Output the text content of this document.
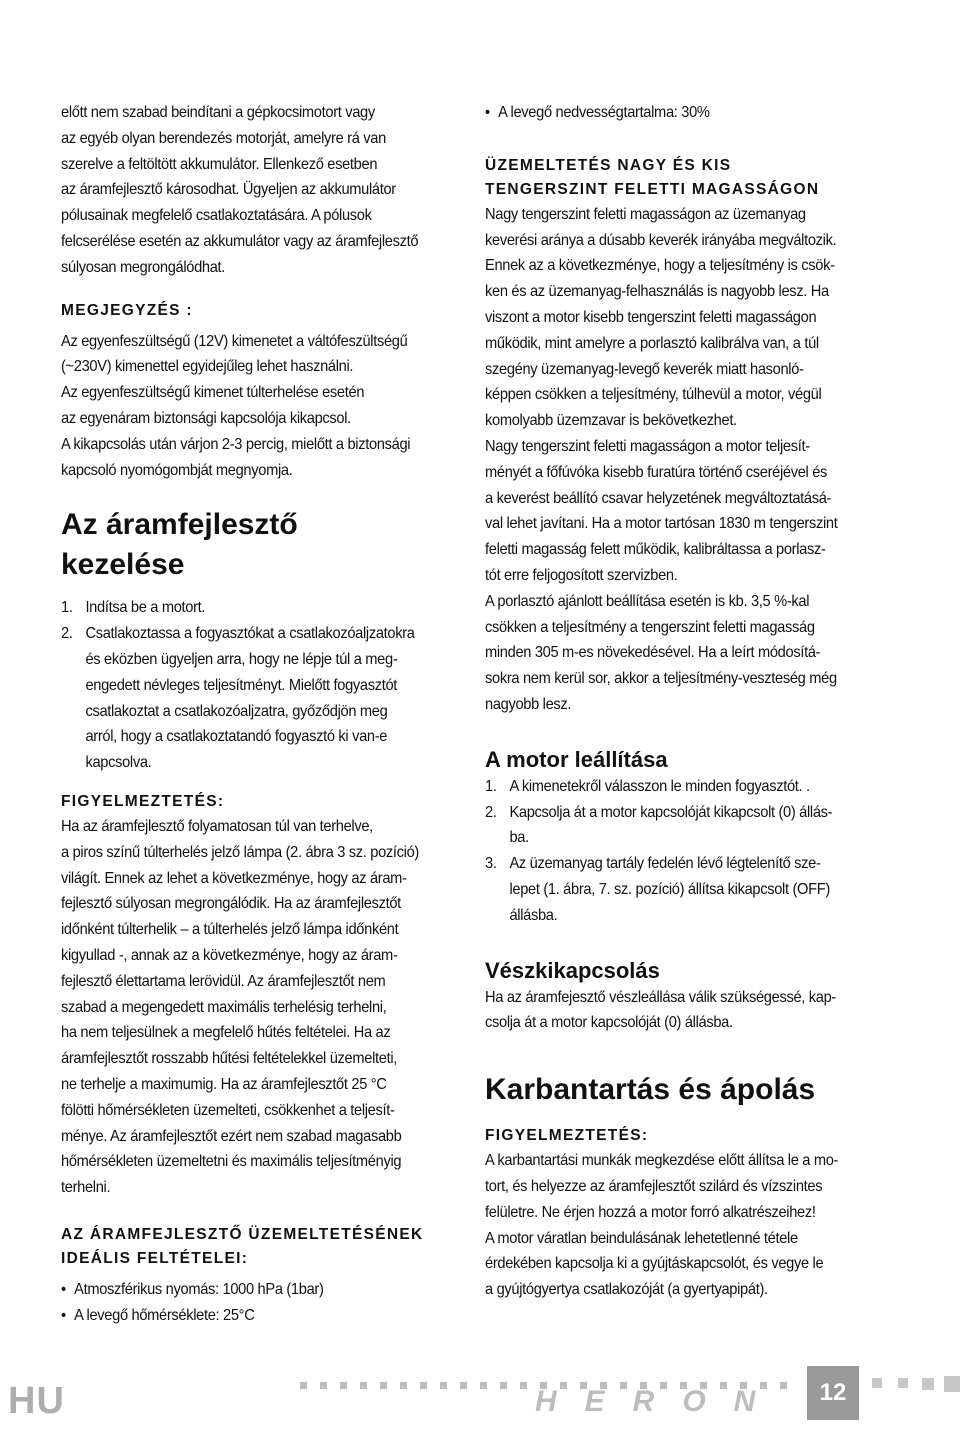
előtt nem szabad beindítani a gépkocsimotort vagy
az egyéb olyan berendezés motorját, amelyre rá van
szerelve a feltöltött akkumulátor. Ellenkező esetben
az áramfejlesztő károsodhat. Ügyeljen az akkumulátor
pólusainak megfelelő csatlakoztatására. A pólusok
felcserélése esetén az akkumulátor vagy az áramfejlesztő
súlyosan megrongálódhat.

MEGJEGYZÉS :

Az egyenfeszültségű (12V) kimenetet a váltófeszültségű
(~230V) kimenettel egyidejűleg lehet használni.
Az egyenfeszültségű kimenet túlterhelése esetén
az egyenáram biztonsági kapcsolója kikapcsol.
A kikapcsolás után várjon 2-3 percig, mielőtt a biztonsági
kapcsoló nyomógombját megnyomja.
Az áramfejlesztő
kezelése
1. Indítsa be a motort.
2. Csatlakoztassa a fogyasztókat a csatlakozóaljzatokra
és eközben ügyeljen arra, hogy ne lépje túl a meg-
engedett névleges teljesítményt. Mielőtt fogyasztót
csatlakoztat a csatlakozóaljzatra, győződjön meg
arról, hogy a csatlakoztatandó fogyasztó ki van-e
kapcsolva.

FIGYELMEZTETÉS:

Ha az áramfejlesztő folyamatosan túl van terhelve,
a piros színű túlterhelés jelző lámpa (2. ábra 3 sz. pozíció)
világít. Ennek az lehet a következménye, hogy az áram-
fejlesztő súlyosan megrongálódik. Ha az áramfejlesztőt
időnként túlterhelik – a túlterhelés jelző lámpa időnként
kigyullad -, annak az a következménye, hogy az áram-
fejlesztő élettartama lerövidül. Az áramfejlesztőt nem
szabad a megengedett maximális terhelésig terhelni,
ha nem teljesülnek a megfelelő hűtés feltételei. Ha az
áramfejlesztőt rosszabb hűtési feltételekkel üzemelteti,
ne terhelje a maximumig. Ha az áramfejlesztőt 25 °C
fölötti hőmérsékleten üzemelteti, csökkenhet a teljesít-
ménye. Az áramfejlesztőt ezért nem szabad magasabb
hőmérsékleten üzemeltetni és maximális teljesítményig
terhelni.

AZ ÁRAMFEJLESZTŐ ÜZEMELTETÉSÉNEK
IDEÁLIS FELTÉTELEI:

• Atmoszférikus nyomás: 1000 hPa (1bar)
• A levegő hőmérséklete: 25°C
• A levegő nedvességtartalma: 30%

ÜZEMELTETÉS NAGY ÉS KIS
TENGERSZINT FELETTI MAGASSÁGON

Nagy tengerszint feletti magasságon az üzemanyag
keverési aránya a dúsabb keverék irányába megváltozik.
Ennek az a következménye, hogy a teljesítmény is csök-
ken és az üzemanyag-felhasználás is nagyobb lesz. Ha
viszont a motor kisebb tengerszint feletti magasságon
működik, mint amelyre a porlasztó kalibrálva van, a túl
szegény üzemanyag-levegő keverék miatt hasonló-
képpen csökken a teljesítmény, túlhevül a motor, végül
komolyabb üzemzavar is bekövetkezhet.
Nagy tengerszint feletti magasságon a motor teljesít-
ményét a főfúvóka kisebb furatúra történő cseréjével és
a keverést beállító csavar helyzetének megváltoztatásá-
val lehet javítani. Ha a motor tartósan 1830 m tengerszint
feletti magasság felett működik, kalibráltassa a porlasz-
tót erre feljogosított szervizben.
A porlasztó ajánlott beállítása esetén is kb. 3,5 %-kal
csökken a teljesítmény a tengerszint feletti magasság
minden 305 m-es növekedésével. Ha a leírt módosítá-
sokra nem kerül sor, akkor a teljesítmény-veszteség még
nagyobb lesz.
A motor leállítása
1. A kimenetekről válasszon le minden fogyasztót. .
2. Kapcsolja át a motor kapcsolóját kikapcsolt (0) állás-
ba.
3. Az üzemanyag tartály fedelén lévő légtelenítő sze-
lepet (1. ábra, 7. sz. pozíció) állítsa kikapcsolt (OFF)
állásba.
Vészkikapcsolás
Ha az áramfejesztő vészleállása válik szükségessé, kap-
csolja át a motor kapcsolóját (0) állásba.
Karbantartás és ápolás

FIGYELMEZTETÉS:

A karbantartási munkák megkezdése előtt állítsa le a mo-
tort, és helyezze az áramfejlesztőt szilárd és vízszintes
felületre. Ne érjen hozzá a motor forró alkatrészeihez!
A motor váratlan beindulásának lehetetlenné tétele
érdekében kapcsolja ki a gyújtáskapcsolót, és vegye le
a gyújtógyertya csatlakozóját (a gyertyapipát).
HU	HERON	12
